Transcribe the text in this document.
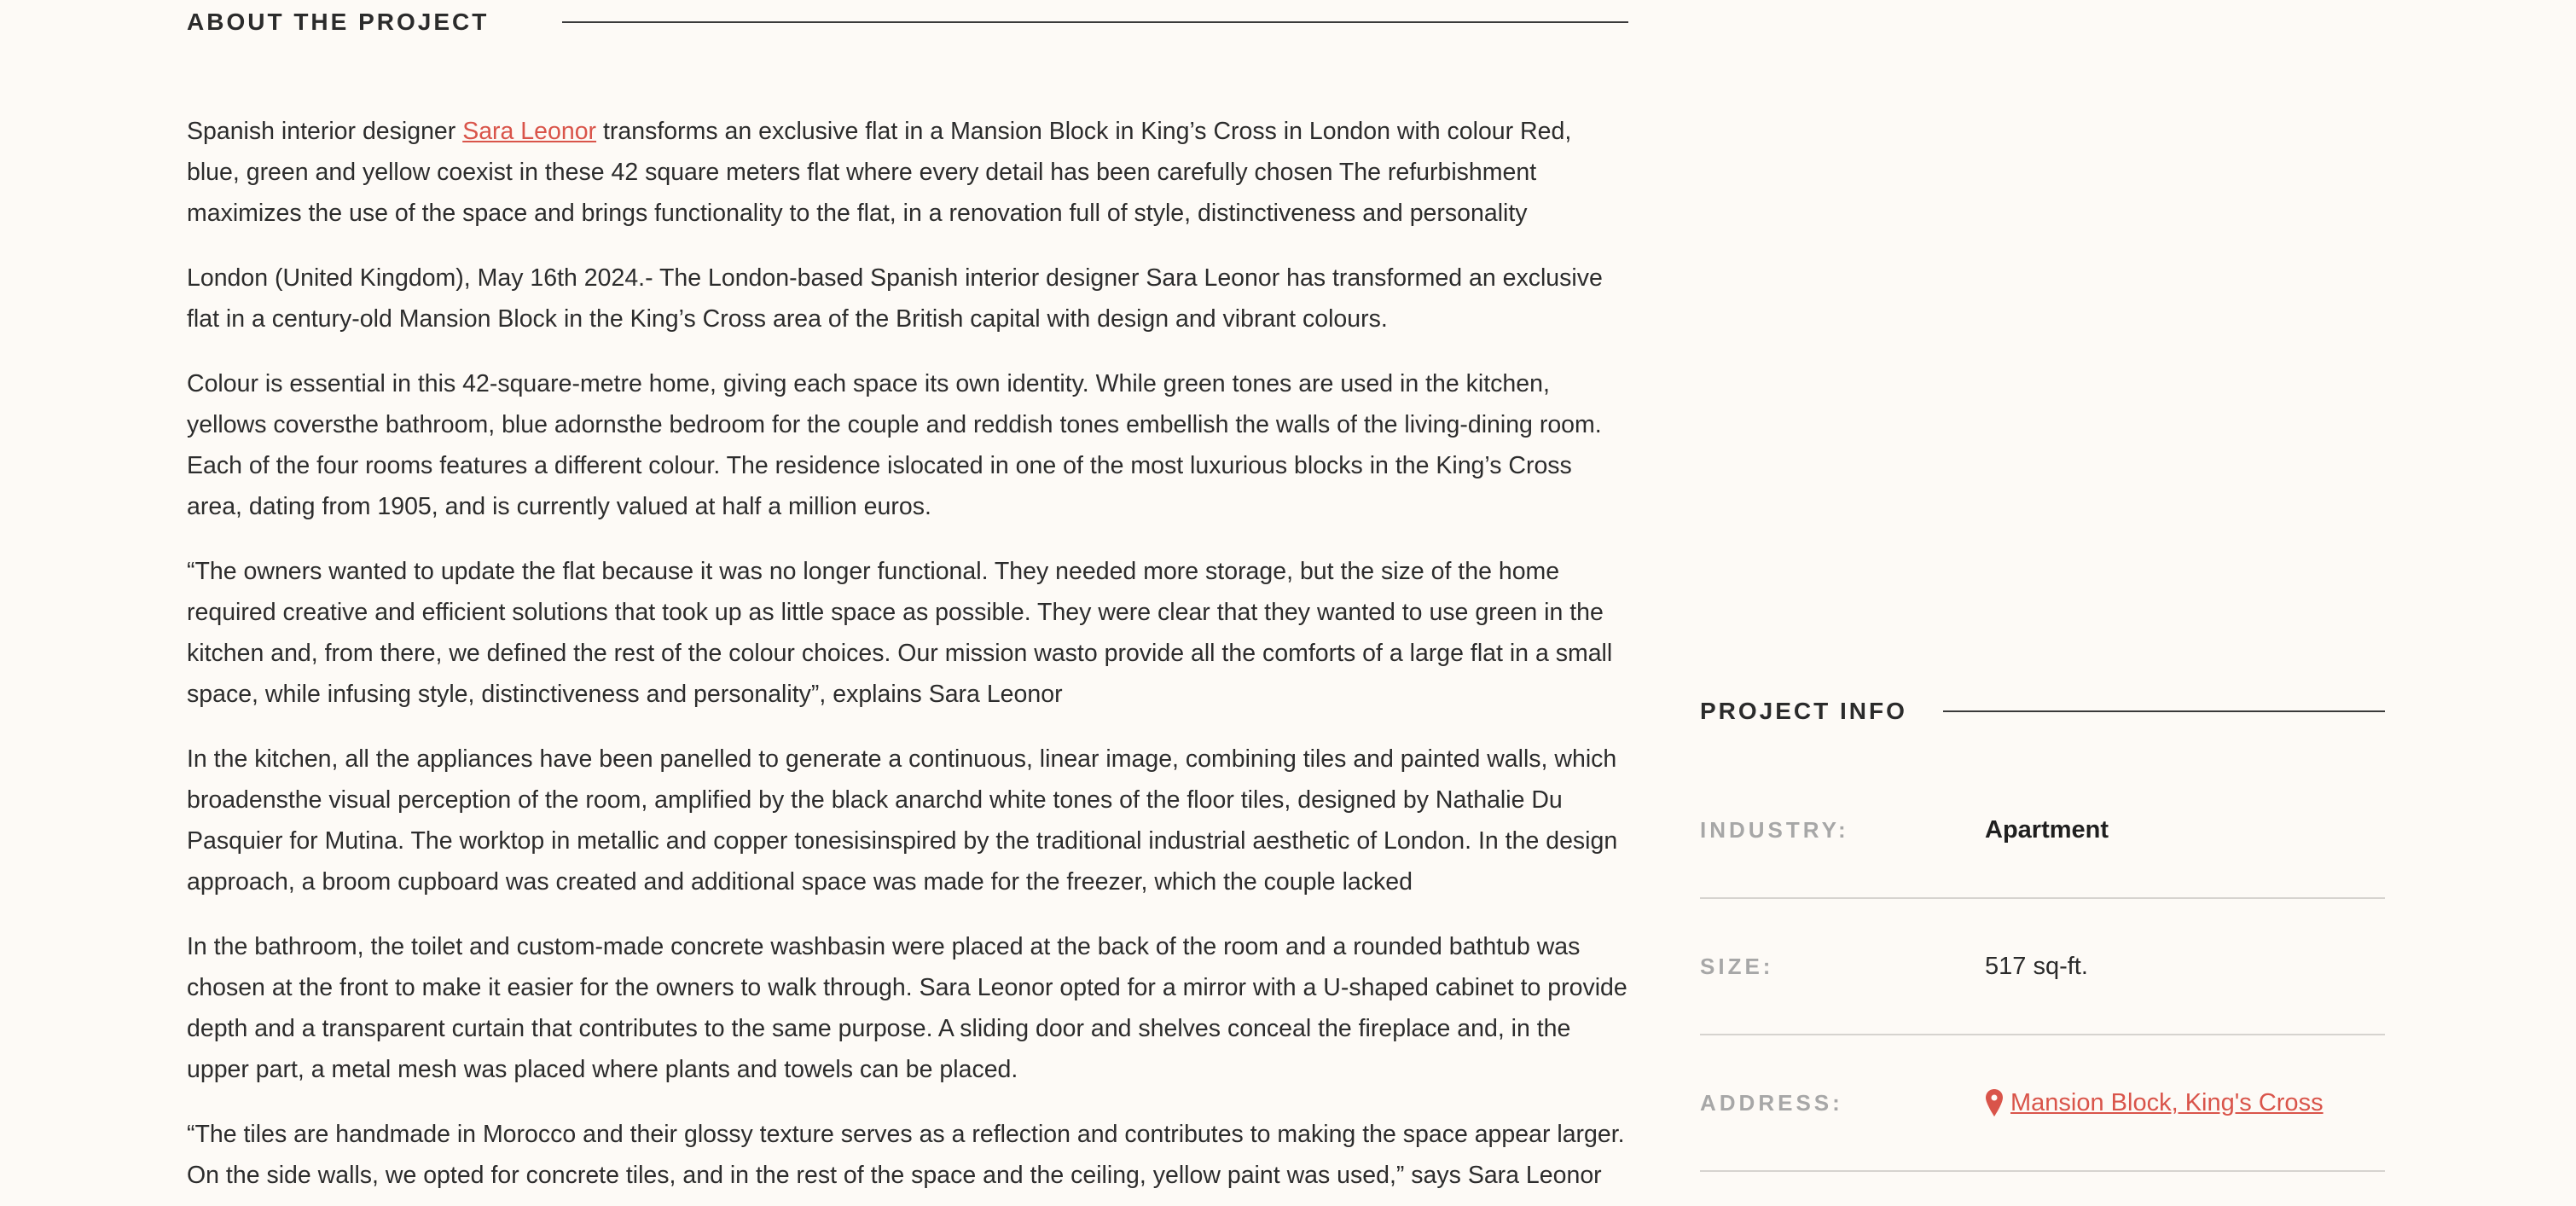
ABOUT THE PROJECT

Spanish interior designer Sara Leonor transforms an exclusive flat in a Mansion Block in King’s Cross in London with colour Red, blue, green and yellow coexist in these 42 square meters flat where every detail has been carefully chosen The refurbishment maximizes the use of the space and brings functionality to the flat, in a renovation full of style, distinctiveness and personality

London (United Kingdom), May 16th 2024.- The London-based Spanish interior designer Sara Leonor has transformed an exclusive flat in a century-old Mansion Block in the King’s Cross area of the British capital with design and vibrant colours.

Colour is essential in this 42-square-metre home, giving each space its own identity. While green tones are used in the kitchen, yellows coversthe bathroom, blue adornsthe bedroom for the couple and reddish tones embellish the walls of the living-dining room. Each of the four rooms features a different colour. The residence islocated in one of the most luxurious blocks in the King’s Cross area, dating from 1905, and is currently valued at half a million euros.

“The owners wanted to update the flat because it was no longer functional. They needed more storage, but the size of the home required creative and efficient solutions that took up as little space as possible. They were clear that they wanted to use green in the kitchen and, from there, we defined the rest of the colour choices. Our mission wasto provide all the comforts of a large flat in a small space, while infusing style, distinctiveness and personality”, explains Sara Leonor

In the kitchen, all the appliances have been panelled to generate a continuous, linear image, combining tiles and painted walls, which broadensthe visual perception of the room, amplified by the black anarchd white tones of the floor tiles, designed by Nathalie Du Pasquier for Mutina. The worktop in metallic and copper tonesisinspired by the traditional industrial aesthetic of London. In the design approach, a broom cupboard was created and additional space was made for the freezer, which the couple lacked

In the bathroom, the toilet and custom-made concrete washbasin were placed at the back of the room and a rounded bathtub was chosen at the front to make it easier for the owners to walk through. Sara Leonor opted for a mirror with a U-shaped cabinet to provide depth and a transparent curtain that contributes to the same purpose. A sliding door and shelves conceal the fireplace and, in the upper part, a metal mesh was placed where plants and towels can be placed.

“The tiles are handmade in Morocco and their glossy texture serves as a reflection and contributes to making the space appear larger. On the side walls, we opted for concrete tiles, and in the rest of the space and the ceiling, yellow paint was used,” says Sara Leonor

PROJECT INFO
INDUSTRY:	Apartment
SIZE:	517 sq-ft.
ADDRESS:	Mansion Block, King's Cross
